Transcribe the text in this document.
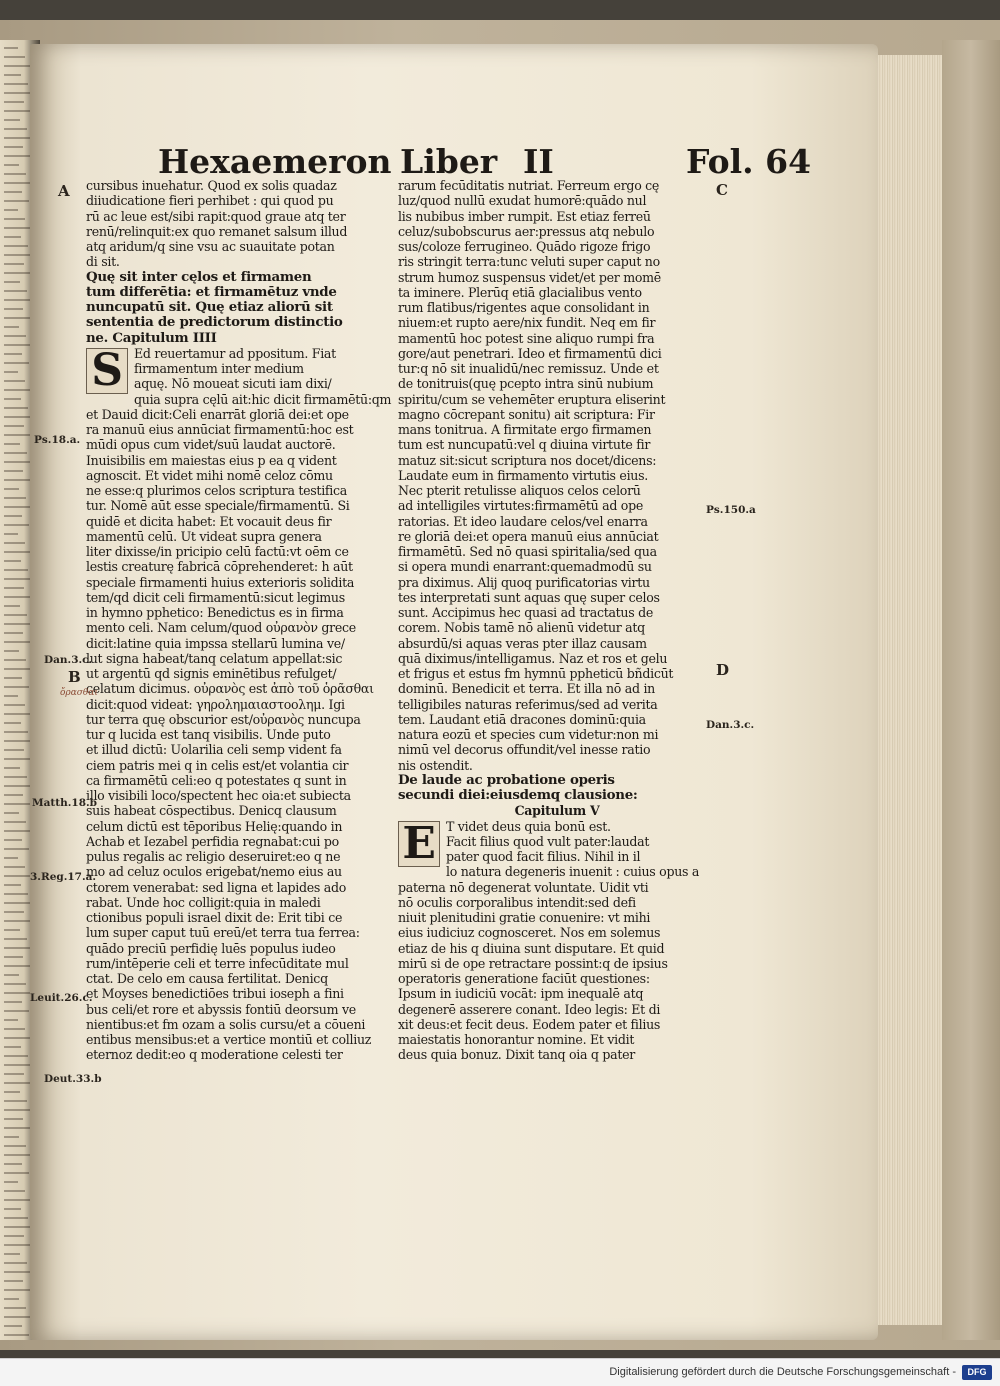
Hexaemeron Liber II	Fol. 64
cursibus inuehatur. Quod ex solis quadaz
diiudicatione fieri perhibet : qui quod pu
rū ac leue est/sibi rapit:quod graue atq ter
renū/relinquit:ex quo remanet salsum illud
atq aridum/q sine vsu ac suauitate potan
di sit.
Quę sit inter cęlos et firmamen
tum differētia: et firmamētuz vnde
nuncupatū sit. Quę etiaz aliorū sit
sententia de predictorum distinctio
ne. Capitulum IIII
S Ed reuertamur ad ppositum. Fiat
firmamentum inter medium
aquę. Nō moueat sicuti iam dixi/
quia supra cęlū ait:hic dicit firmamētū:qm
et Dauid dicit:Celi enarrāt gloriā dei:et ope
ra manuū eius annūciat firmamentū:hoc est
mūdi opus cum videt/suū laudat auctorē.
Inuisibilis em maiestas eius p ea q vident
agnoscit. Et videt mihi nomē celoz cōmu
ne esse:q plurimos celos scriptura testifica
tur. Nomē aūt esse speciale/firmamentū. Si
quidē et dicita habet: Et vocauit deus fir
mamentū celū. Ut videat supra genera
liter dixisse/in pricipio celū factū:vt oēm ce
lestis creaturę fabricā cōprehenderet: h aūt
speciale firmamenti huius exterioris solidita
tem/qd dicit celi firmamentū:sicut legimus
in hymno pphetico: Benedictus es in firma
mento celi. Nam celum/quod οὐρανὸν grece
dicit:latine quia impssa stellarū lumina ve/
lut signa habeat/tanq celatum appellat:sic
ut argentū qd signis eminētibus refulget/
celatum dicimus. οὐρανὸς est ἀπὸ τοῦ ὁρᾶσθαι
dicit:quod videat: γηρολημαιαστοολημ. Igi
tur terra quę obscurior est/οὐρανὸς nuncupa
tur q lucida est tanq visibilis. Unde puto
et illud dictū: Uolarilia celi semp vident fa
ciem patris mei q in celis est/et volantia cir
ca firmamētū celi:eo q potestates q sunt in
illo visibili loco/spectent hec oia:et subiecta
suis habeat cōspectibus. Denicq clausum
celum dictū est tēporibus Helię:quando in
Achab et Iezabel perfidia regnabat:cui po
pulus regalis ac religio deseruiret:eo q ne
mo ad celuz oculos erigebat/nemo eius au
ctorem venerabat: sed ligna et lapides ado
rabat. Unde hoc colligit:quia in maledi
ctionibus populi israel dixit de: Erit tibi ce
lum super caput tuū ereū/et terra tua ferrea:
quādo preciū perfidię luēs populus iudeo
rum/intēperie celi et terre infecūditate mul
ctat. De celo em causa fertilitat. Denicq
et Moyses benedictiōes tribui ioseph a fini
bus celi/et rore et abyssis fontiū deorsum ve
nientibus:et fm ozam a solis cursu/et a cōueni
entibus mensibus:et a vertice montiū et colliuz
eternoz dedit:eo q moderatione celesti ter
rarum fecūditatis nutriat. Ferreum ergo cę
luz/quod nullū exudat humorē:quādo nul
lis nubibus imber rumpit. Est etiaz ferreū
celuz/subobscurus aer:pressus atq nebulo
sus/coloze ferrugineo. Quādo rigoze frigo
ris stringit terra:tunc veluti super caput no
strum humoz suspensus videt/et per momē
ta iminere. Plerūq etiā glacialibus vento
rum flatibus/rigentes aque consolidant in
niuem:et rupto aere/nix fundit. Neq em fir
mamentū hoc potest sine aliquo rumpi fra
gore/aut penetrari. Ideo et firmamentū dici
tur:q nō sit inualidū/nec remissuz. Unde et
de tonitruis(quę pcepto intra sinū nubium
spiritu/cum se vehemēter eruptura eliserint
magno cōcrepant sonitu) ait scriptura: Fir
mans tonitrua. A firmitate ergo firmamen
tum est nuncupatū:vel q diuina virtute fir
matuz sit:sicut scriptura nos docet/dicens:
Laudate eum in firmamento virtutis eius.
Nec pterit retulisse aliquos celos celorū
ad intelligiles virtutes:firmamētū ad ope
ratorias. Et ideo laudare celos/vel enarra
re gloriā dei:et opera manuū eius annūciat
firmamētū. Sed nō quasi spiritalia/sed qua
si opera mundi enarrant:quemadmodū su
pra diximus. Alij quoq purificatorias virtu
tes interpretati sunt aquas quę super celos
sunt. Accipimus hec quasi ad tractatus de
corem. Nobis tamē nō alienū videtur atq
absurdū/si aquas veras pter illaz causam
quā diximus/intelligamus. Naz et ros et gelu
et frigus et estus fm hymnū ppheticū bñdicūt
dominū. Benedicit et terra. Et illa nō ad in
telligibiles naturas referimus/sed ad verita
tem. Laudant etiā dracones dominū:quia
natura eozū et species cum videtur:non mi
nimū vel decorus offundit/vel inesse ratio
nis ostendit.
De laude ac probatione operis
secundi diei:eiusdemq clausione:
Capitulum V
E T videt deus quia bonū est.
Facit filius quod vult pater:laudat
pater quod facit filius. Nihil in il
lo natura degeneris inuenit : cuius opus a
paterna nō degenerat voluntate. Uidit vti
nō oculis corporalibus intendit:sed defi
niuit plenitudini gratie conuenire: vt mihi
eius iudiciuz cognosceret. Nos em solemus
etiaz de his q diuina sunt disputare. Et quid
mirū si de ope retractare possint:q de ipsius
operatoris generatione faciūt questiones:
Ipsum in iudiciū vocāt: ipm inequalē atq
degenerē asserere conant. Ideo legis: Et di
xit deus:et fecit deus. Eodem pater et filius
maiestatis honorantur nomine. Et vidit
deus quia bonuz. Dixit tanq oia q pater
A
Ps.18.a.
Dan.3.c.
B
ὄρασθαι
Matth.18.b
3.Reg.17.a.
Leuit.26.c.
Deut.33.b
C
Ps.150.a
D
Dan.3.c.
Digitalisierung gefördert durch die Deutsche Forschungsgemeinschaft -	DFG
